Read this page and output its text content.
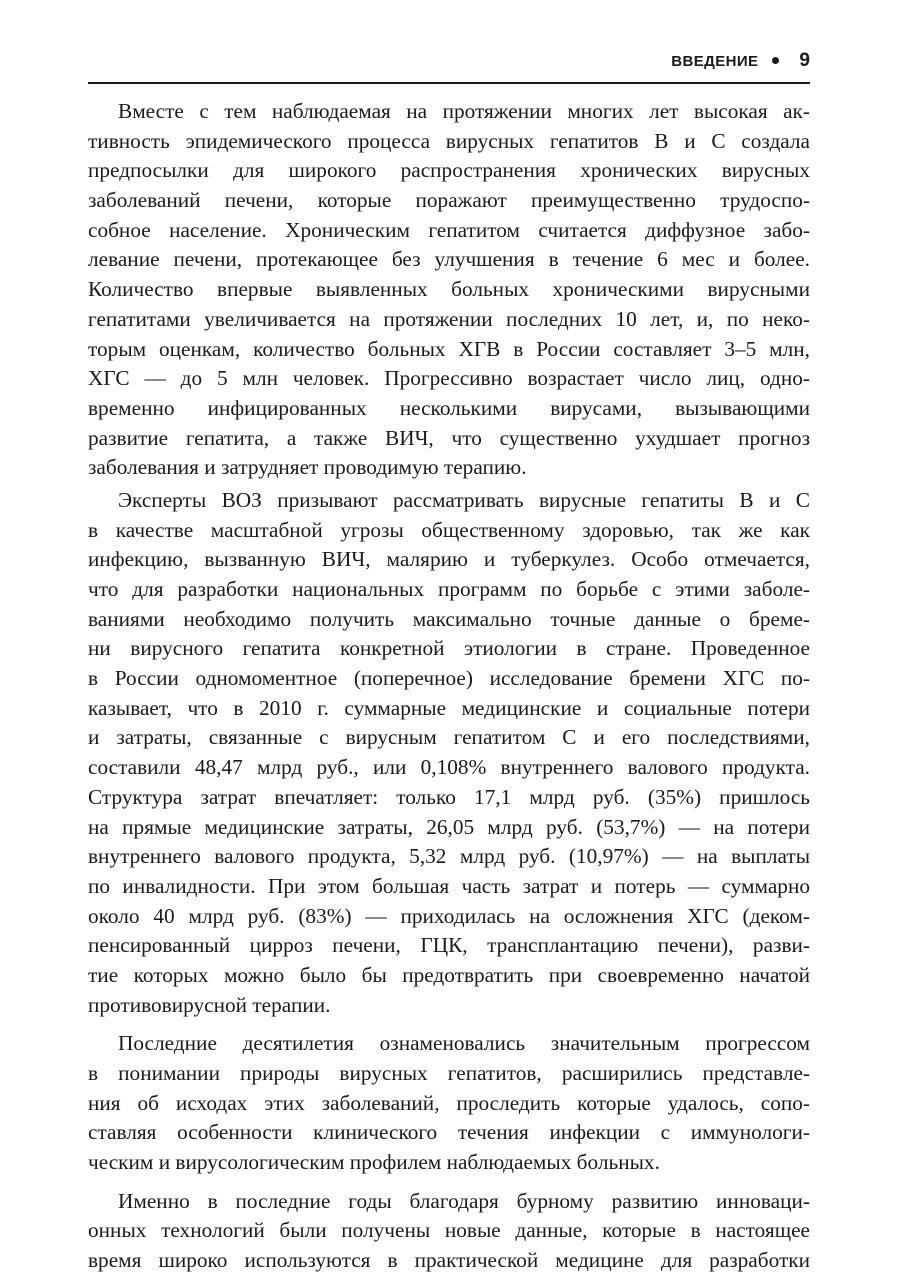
ВВЕДЕНИЕ 9
Вместе с тем наблюдаемая на протяжении многих лет высокая ак-
тивность эпидемического процесса вирусных гепатитов В и С создала
предпосылки для широкого распространения хронических вирусных
заболеваний печени, которые поражают преимущественно трудоспо-
собное население. Хроническим гепатитом считается диффузное забо-
левание печени, протекающее без улучшения в течение 6 мес и более.
Количество впервые выявленных больных хроническими вирусными
гепатитами увеличивается на протяжении последних 10 лет, и, по неко-
торым оценкам, количество больных ХГВ в России составляет 3–5 млн,
ХГС — до 5 млн человек. Прогрессивно возрастает число лиц, одно-
временно инфицированных несколькими вирусами, вызывающими
развитие гепатита, а также ВИЧ, что существенно ухудшает прогноз
заболевания и затрудняет проводимую терапию.
Эксперты ВОЗ призывают рассматривать вирусные гепатиты В и С
в качестве масштабной угрозы общественному здоровью, так же как
инфекцию, вызванную ВИЧ, малярию и туберкулез. Особо отмечается,
что для разработки национальных программ по борьбе с этими заболе-
ваниями необходимо получить максимально точные данные о бреме-
ни вирусного гепатита конкретной этиологии в стране. Проведенное
в России одномоментное (поперечное) исследование бремени ХГС по-
казывает, что в 2010 г. суммарные медицинские и социальные потери
и затраты, связанные с вирусным гепатитом С и его последствиями,
составили 48,47 млрд руб., или 0,108% внутреннего валового продукта.
Структура затрат впечатляет: только 17,1 млрд руб. (35%) пришлось
на прямые медицинские затраты, 26,05 млрд руб. (53,7%) — на потери
внутреннего валового продукта, 5,32 млрд руб. (10,97%) — на выплаты
по инвалидности. При этом большая часть затрат и потерь — суммарно
около 40 млрд руб. (83%) — приходилась на осложнения ХГС (деком-
пенсированный цирроз печени, ГЦК, трансплантацию печени), разви-
тие которых можно было бы предотвратить при своевременно начатой
противовирусной терапии.
Последние десятилетия ознаменовались значительным прогрессом
в понимании природы вирусных гепатитов, расширились представле-
ния об исходах этих заболеваний, проследить которые удалось, сопо-
ставляя особенности клинического течения инфекции с иммунологи-
ческим и вирусологическим профилем наблюдаемых больных.
Именно в последние годы благодаря бурному развитию инноваци-
онных технологий были получены новые данные, которые в настоящее
время широко используются в практической медицине для разработки
